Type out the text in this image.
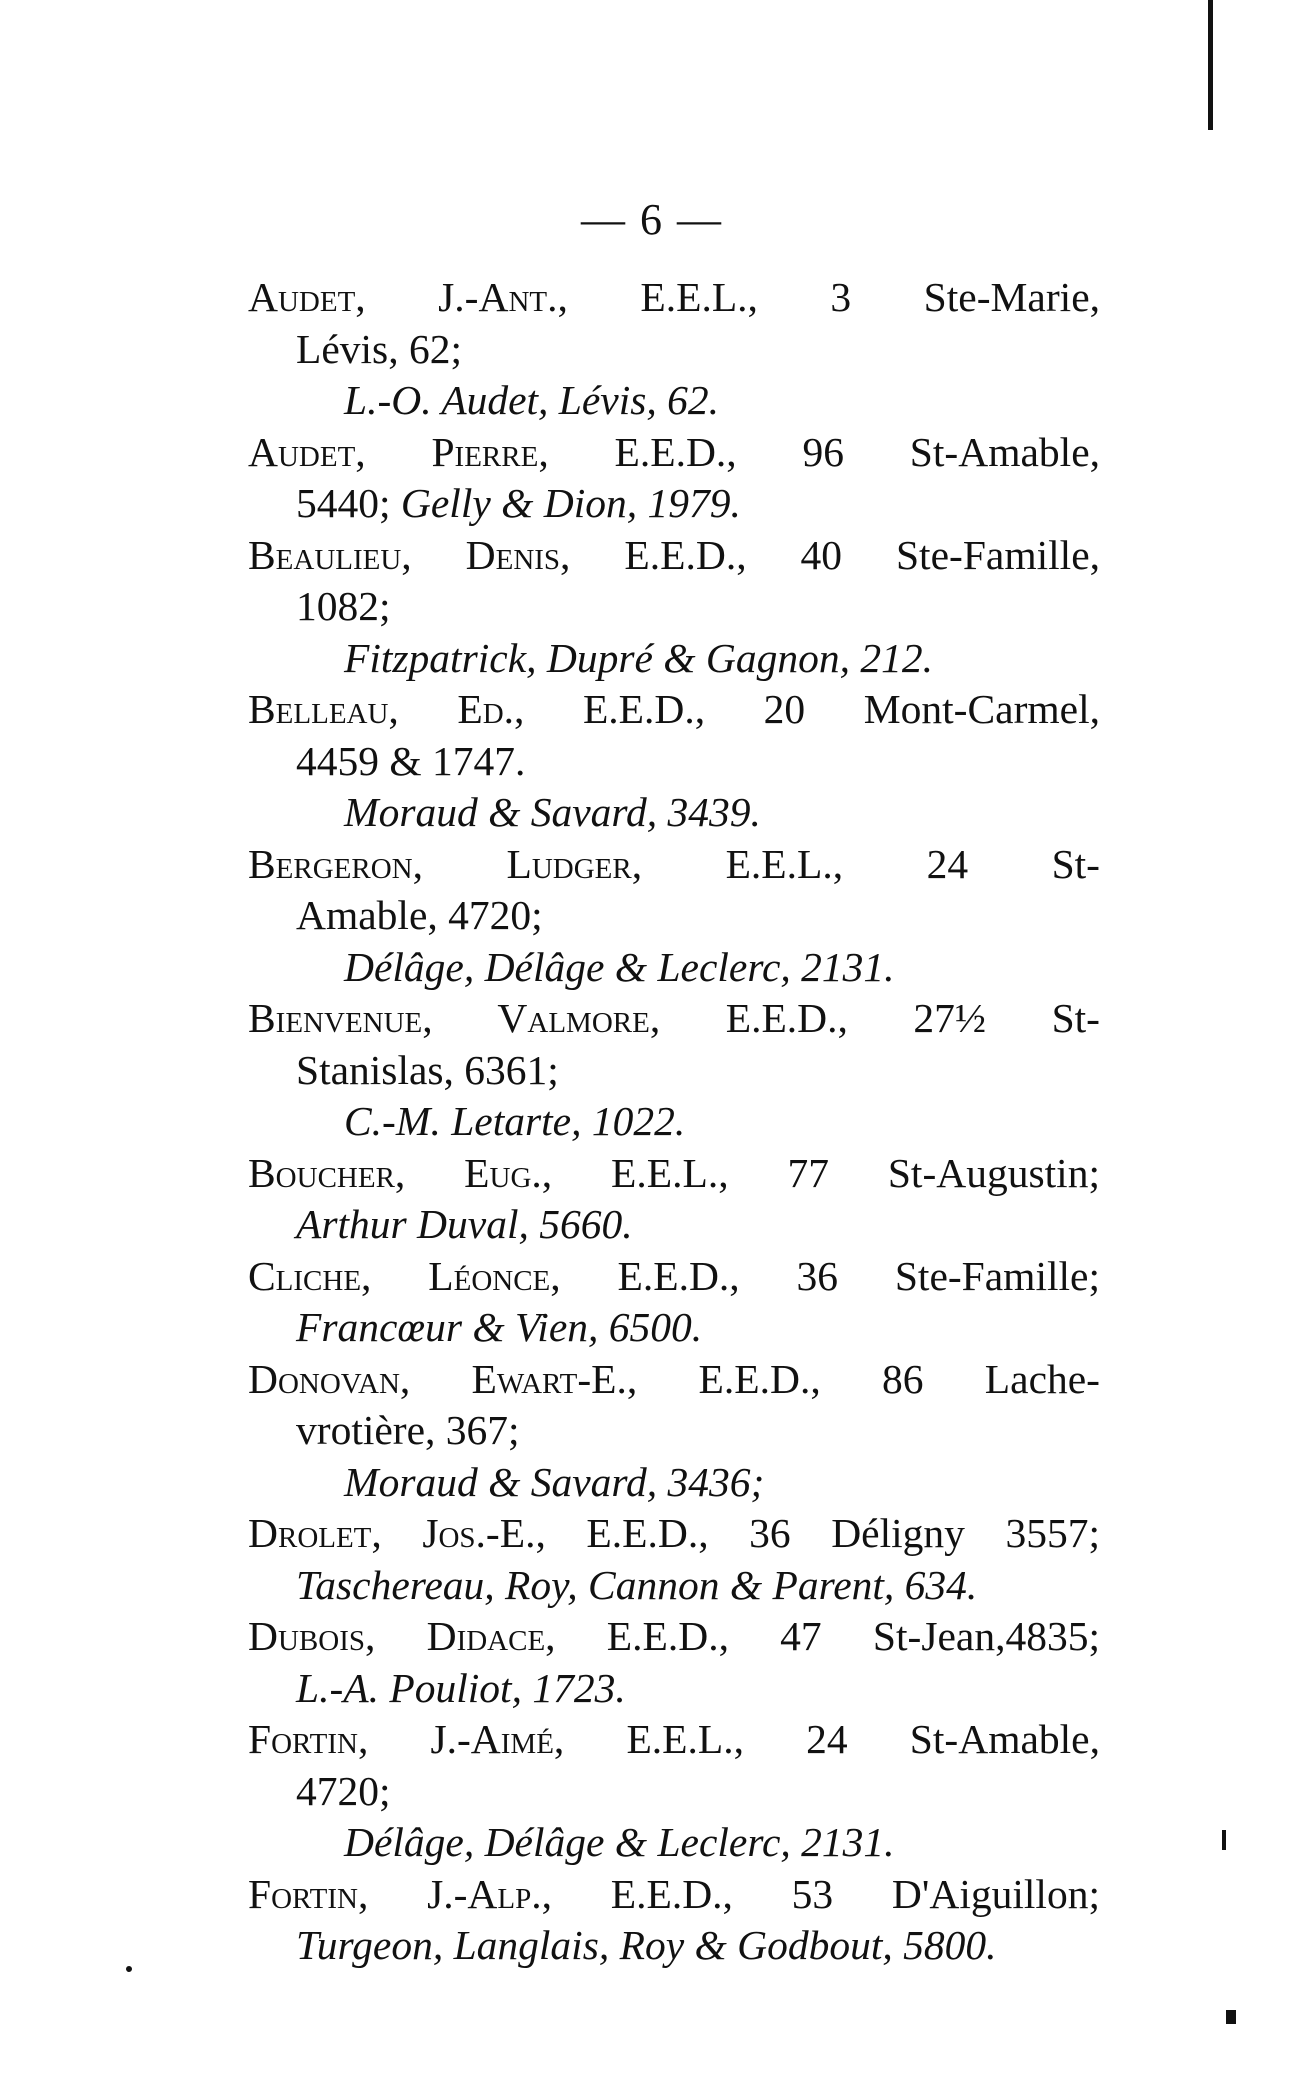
— 6 —
Audet, J.-Ant., E.E.L., 3 Ste-Marie,
Lévis, 62;
L.-O. Audet, Lévis, 62.
Audet, Pierre, E.E.D., 96 St-Amable,
5440; Gelly & Dion, 1979.
Beaulieu, Denis, E.E.D., 40 Ste-Famille,
1082;
Fitzpatrick, Dupré & Gagnon, 212.
Belleau, Ed., E.E.D., 20 Mont-Carmel,
4459 & 1747.
Moraud & Savard, 3439.
Bergeron, Ludger, E.E.L., 24 St-
Amable, 4720;
Délâge, Délâge & Leclerc, 2131.
Bienvenue, Valmore, E.E.D., 27½ St-
Stanislas, 6361;
C.-M. Letarte, 1022.
Boucher, Eug., E.E.L., 77 St-Augustin;
Arthur Duval, 5660.
Cliche, Léonce, E.E.D., 36 Ste-Famille;
Francœur & Vien, 6500.
Donovan, Ewart-E., E.E.D., 86 Lache-
vrotière, 367;
Moraud & Savard, 3436;
Drolet, Jos.-E., E.E.D., 36 Déligny 3557;
Taschereau, Roy, Cannon & Parent, 634.
Dubois, Didace, E.E.D., 47 St-Jean,4835;
L.-A. Pouliot, 1723.
Fortin, J.-Aimé, E.E.L., 24 St-Amable,
4720;
Délâge, Délâge & Leclerc, 2131.
Fortin, J.-Alp., E.E.D., 53 D'Aiguillon;
Turgeon, Langlais, Roy & Godbout, 5800.
